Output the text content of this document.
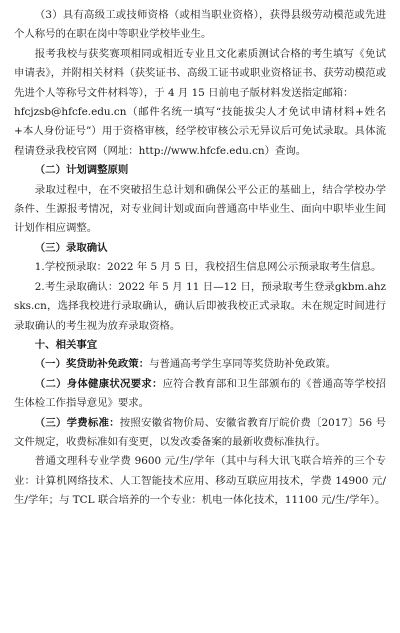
（3）具有高级工或技师资格（或相当职业资格），获得县级劳动模范或先进个人称号的在职在岗中等职业学校毕业生。

报考我校与获奖赛项相同或相近专业且文化素质测试合格的考生填写《免试申请表》，并附相关材料（获奖证书、高级工证书或职业资格证书、获劳动模范或先进个人等称号文件材料等），于 4 月 15 日前电子版材料发送指定邮箱：

hfcjzsb@hfcfe.edu.cn（邮件名统一填写“技能拔尖人才免试申请材料+姓名+本人身份证号”）用于资格审核，经学校审核公示无异议后可免试录取。具体流程请登录我校官网（网址：http://www.hfcfe.edu.cn）查询。

（二）计划调整原则

录取过程中，在不突破招生总计划和确保公平公正的基础上，结合学校办学条件、生源报考情况，对专业间计划或面向普通高中毕业生、面向中职毕业生间计划作相应调整。

（三）录取确认

1.学校预录取：2022 年 5 月 5 日，我校招生信息网公示预录取考生信息。

2.考生录取确认：2022 年 5 月 11 日—12 日，预录取考生登录gkbm.ahzsks.cn，选择我校进行录取确认，确认后即被我校正式录取。未在规定时间进行录取确认的考生视为放弃录取资格。

十、相关事宜

（一）奖贷助补免政策：与普通高考学生享同等奖贷助补免政策。

（二）身体健康状况要求：应符合教育部和卫生部颁布的《普通高等学校招生体检工作指导意见》要求。

（三）学费标准：按照安徽省物价局、安徽省教育厅皖价费〔2017〕56 号文件规定，收费标准如有变更，以发改委备案的最新收费标准执行。

普通文理科专业学费 9600 元/生/学年（其中与科大讯飞联合培养的三个专业：计算机网络技术、人工智能技术应用、移动互联应用技术，学费 14900 元/生/学年；与 TCL 联合培养的一个专业：机电一体化技术，11100 元/生/学年）。
